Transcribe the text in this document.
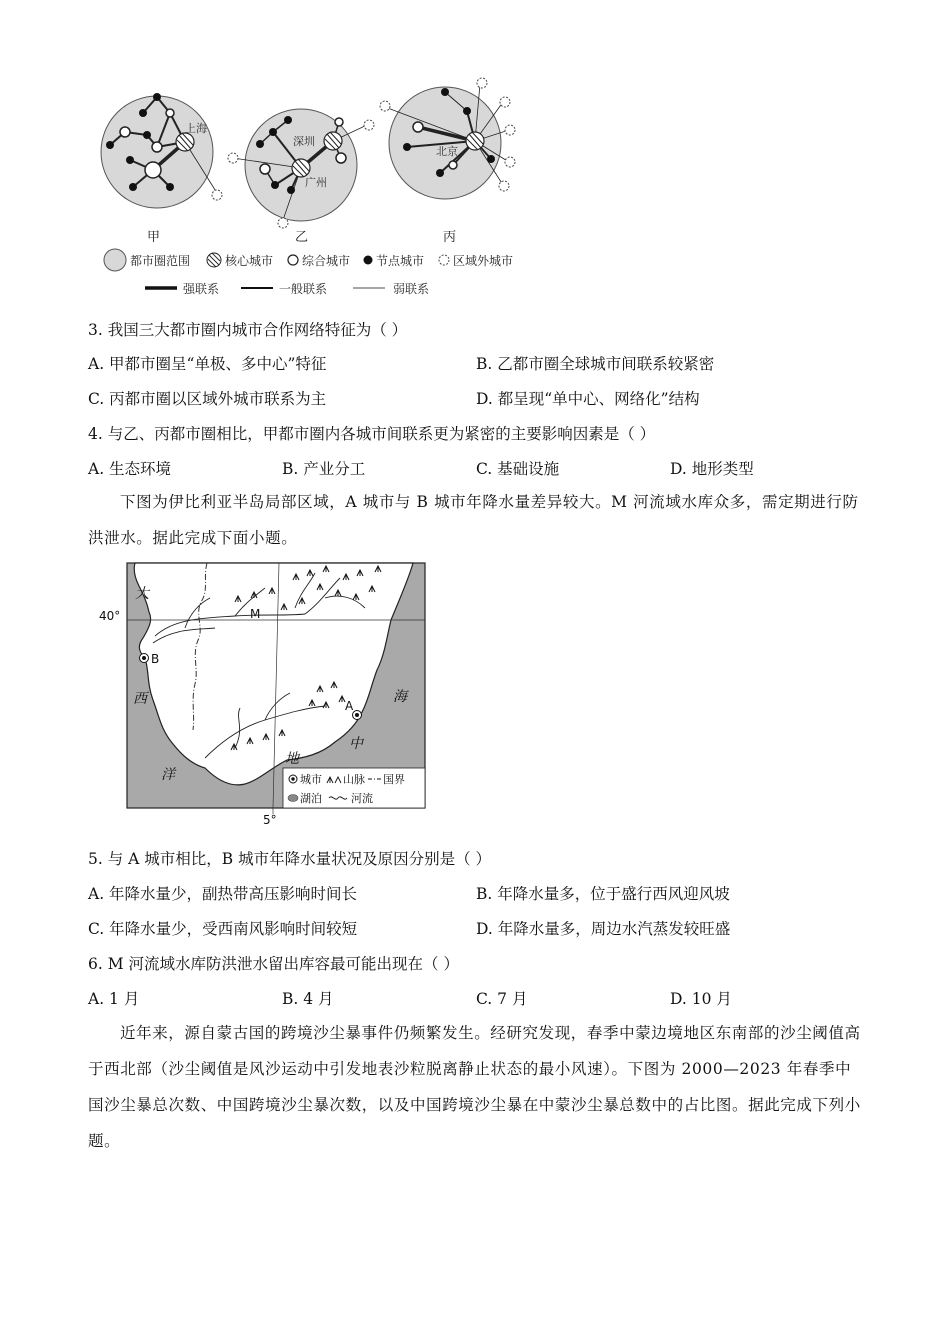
上海
深圳
广州
北京
甲	乙	丙
都市圈范围	核心城市 综合城市 节点城市 区域外城市
强联系	一般联系	弱联系
3. 我国三大都市圈内城市合作网络特征为（ ）
A. 甲都市圈呈“单极、多中心”特征	B. 乙都市圈全球城市间联系较紧密
C. 丙都市圈以区域外城市联系为主	D. 都呈现“单中心、网络化”结构
4. 与乙、丙都市圈相比，甲都市圈内各城市间联系更为紧密的主要影响因素是（ ）
A. 生态环境	B. 产业分工	C. 基础设施	D. 地形类型
下图为伊比利亚半岛局部区域，A 城市与 B 城市年降水量差异较大。M 河流域水库众多，需定期进行防洪泄水。据此完成下面小题。
B
A
M
40°
5°
大
西
洋
海
中
地
城市 山脉 国界
湖泊	河流
5. 与 A 城市相比，B 城市年降水量状况及原因分别是（ ）
A. 年降水量少，副热带高压影响时间长	B. 年降水量多，位于盛行西风迎风坡
C. 年降水量少，受西南风影响时间较短	D. 年降水量多，周边水汽蒸发较旺盛
6. M 河流域水库防洪泄水留出库容最可能出现在（ ）
A. 1 月	B. 4 月	C. 7 月	D. 10 月
近年来，源自蒙古国的跨境沙尘暴事件仍频繁发生。经研究发现，春季中蒙边境地区东南部的沙尘阈值高于西北部（沙尘阈值是风沙运动中引发地表沙粒脱离静止状态的最小风速）。下图为 2000—2023 年春季中国沙尘暴总次数、中国跨境沙尘暴次数，以及中国跨境沙尘暴在中蒙沙尘暴总数中的占比图。据此完成下列小题。
